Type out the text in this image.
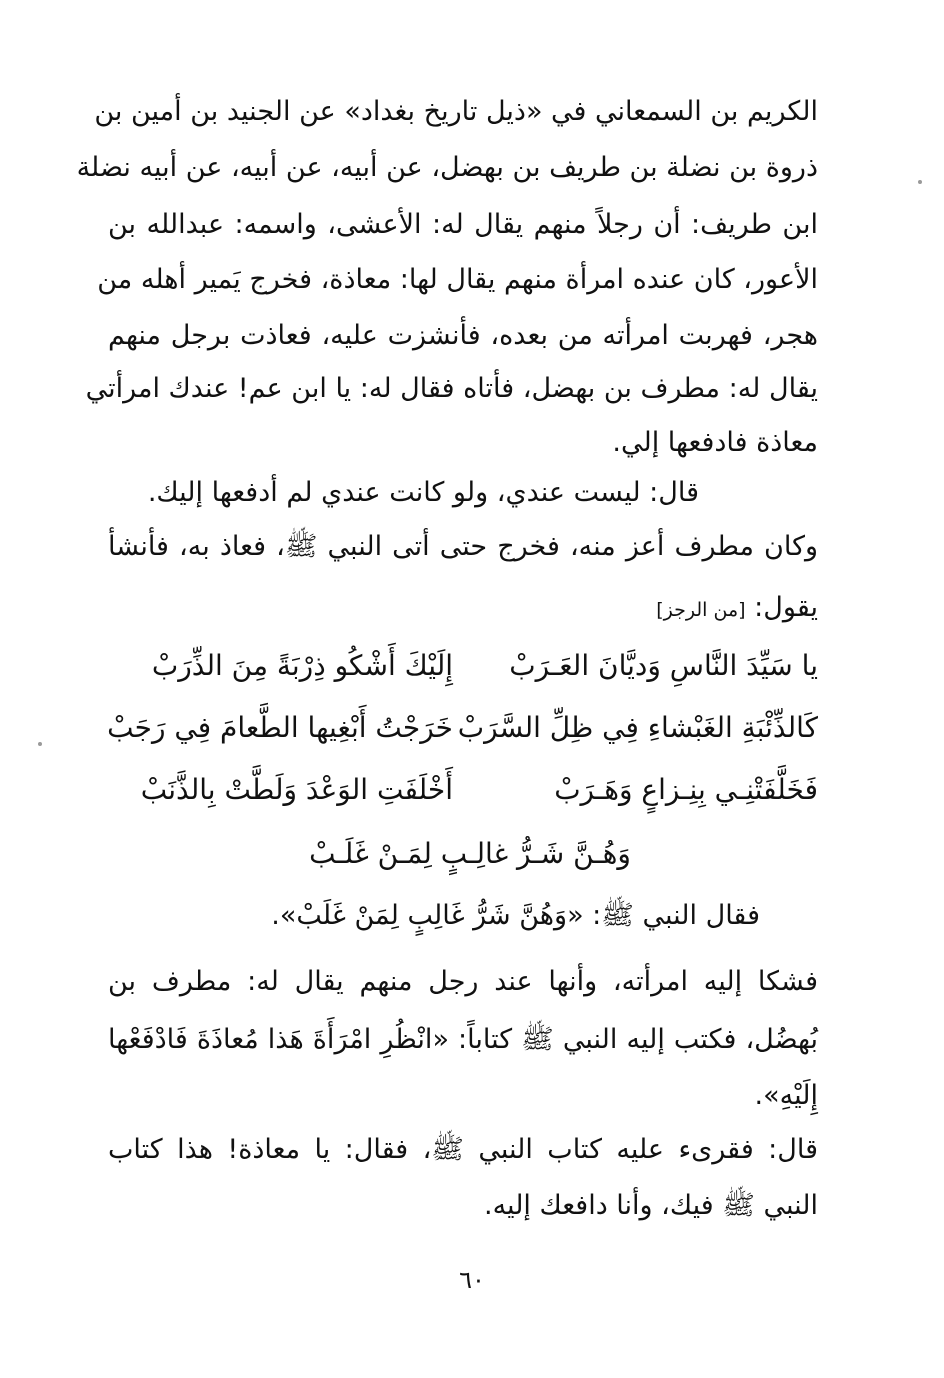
الكريم بن السمعاني في «ذيل تاريخ بغداد» عن الجنيد بن أمين بن
ذروة بن نضلة بن طريف بن بهضل، عن أبيه، عن أبيه، عن أبيه نضلة
ابن طريف: أن رجلاً منهم يقال له: الأعشى، واسمه: عبدالله بن
الأعور، كان عنده امرأة منهم يقال لها: معاذة، فخرج يَمير أهله من
هجر، فهربت امرأته من بعده، فأنشزت عليه، فعاذت برجل منهم
يقال له: مطرف بن بهضل، فأتاه فقال له: يا ابن عم! عندك امرأتي
معاذة فادفعها إلي.
قال: ليست عندي، ولو كانت عندي لم أدفعها إليك.
وكان مطرف أعز منه، فخرج حتى أتى النبي ﷺ، فعاذ به، فأنشأ
يقول: [من الرجز]
يا سَيِّدَ النَّاسِ وَديَّانَ العَـرَبْ
إِلَيْكَ أَشْكُو ذِرْبَةً مِنَ الذِّرَبْ
كَالذِّئْبَةِ الغَبْشاءِ فِي ظِلِّ السَّرَبْ
خَرَجْتُ أَبْغِيها الطَّعامَ فِي رَجَبْ
فَخَلَّفَتْنِـي بِنِـزاعٍ وَهَـرَبْ
أَخْلَفَتِ الوَعْدَ وَلَطَّتْ بِالذَّنَبْ
وَهُـنَّ شَـرُّ غالِـبٍ لِمَـنْ غَلَـبْ
فقال النبي ﷺ: «وَهُنَّ شَرُّ غَالِبٍ لِمَنْ غَلَبْ».
فشكا إليه امرأته، وأنها عند رجل منهم يقال له: مطرف بن
بُهضُل، فكتب إليه النبي ﷺ كتاباً: «انْظُرِ امْرَأَةَ هَذا مُعاذَةَ فَادْفَعْها
إِلَيْهِ».
قال: فقرىء عليه كتاب النبي ﷺ، فقال: يا معاذة! هذا كتاب
النبي ﷺ فيك، وأنا دافعك إليه.
٦٠
